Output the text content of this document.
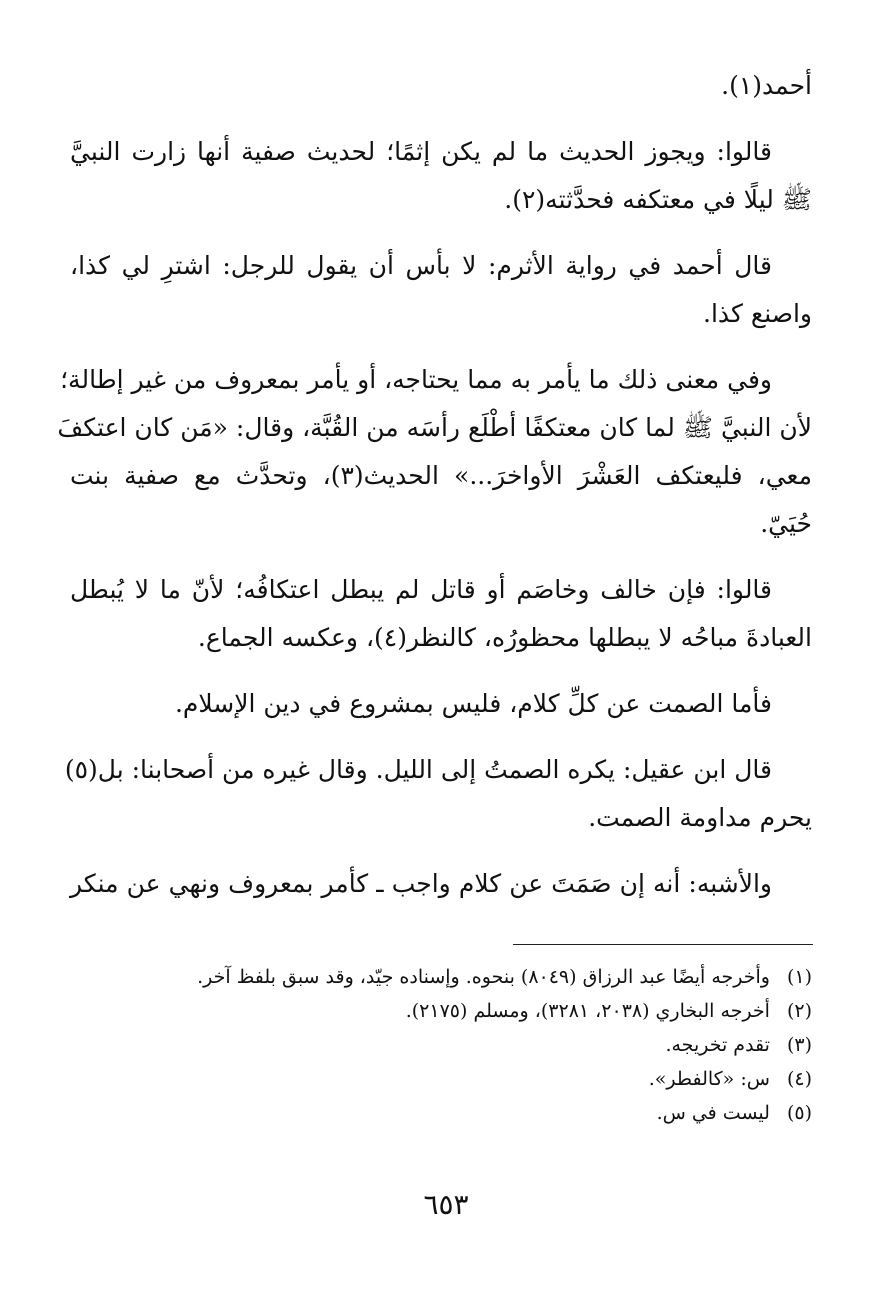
أحمد(١).
قالوا: ويجوز الحديث ما لم يكن إثمًا؛ لحديث صفية أنها زارت النبيَّ
ﷺ ليلًا في معتكفه فحدَّثته(٢).
قال أحمد في رواية الأثرم: لا بأس أن يقول للرجل: اشترِ لي كذا،
واصنع كذا.
وفي معنى ذلك ما يأمر به مما يحتاجه، أو يأمر بمعروف من غير إطالة؛
لأن النبيَّ ﷺ لما كان معتكفًا أطْلَع رأسَه من القُبَّة، وقال: «مَن كان اعتكفَ
معي، فليعتكف العَشْرَ الأواخرَ...» الحديث(٣)، وتحدَّث مع صفية بنت
حُيَيّ.
قالوا: فإن خالف وخاصَم أو قاتل لم يبطل اعتكافُه؛ لأنّ ما لا يُبطل
العبادةَ مباحُه لا يبطلها محظورُه، كالنظر(٤)، وعكسه الجماع.
فأما الصمت عن كلِّ كلام، فليس بمشروع في دين الإسلام.
قال ابن عقيل: يكره الصمتُ إلى الليل. وقال غيره من أصحابنا: بل(٥)
يحرم مداومة الصمت.
والأشبه: أنه إن صَمَتَ عن كلام واجب ـ كأمر بمعروف ونهي عن منكر
(١) وأخرجه أيضًا عبد الرزاق (٨٠٤٩) بنحوه. وإسناده جيّد، وقد سبق بلفظ آخر.
(٢) أخرجه البخاري (٢٠٣٨، ٣٢٨١)، ومسلم (٢١٧٥).
(٣) تقدم تخريجه.
(٤) س: «كالفطر».
(٥) ليست في س.
٦٥٣
